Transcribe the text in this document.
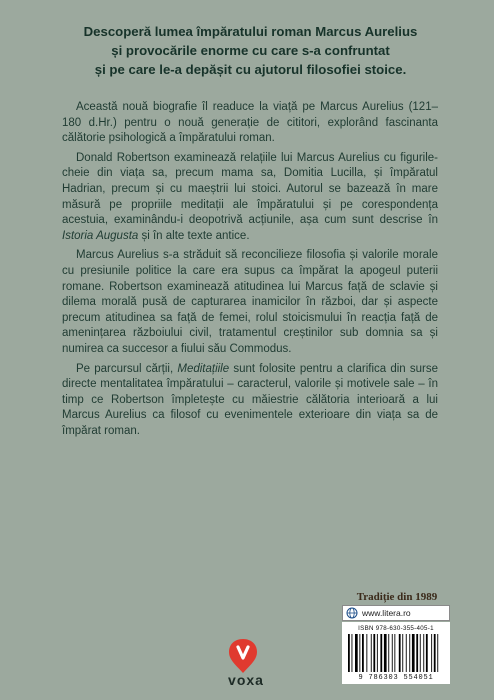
Descoperă lumea împăratului roman Marcus Aurelius
și provocările enorme cu care s-a confruntat
și pe care le-a depășit cu ajutorul filosofiei stoice.

Această nouă biografie îl readuce la viață pe Marcus Aurelius (121–180 d.Hr.) pentru o nouă generație de cititori, explorând fascinanta călătorie psihologică a împăratului roman.

Donald Robertson examinează relațiile lui Marcus Aurelius cu figurile-cheie din viața sa, precum mama sa, Domitia Lucilla, și împăratul Hadrian, precum și cu maeștrii lui stoici. Autorul se bazează în mare măsură pe propriile meditații ale împăratului și pe corespondența acestuia, examinându-i deopotrivă acțiunile, așa cum sunt descrise în Istoria Augusta și în alte texte antice.

Marcus Aurelius s-a străduit să reconcilieze filosofia și valorile morale cu presiunile politice la care era supus ca împărat la apogeul puterii romane. Robertson examinează atitudinea lui Marcus față de sclavie și dilema morală pusă de capturarea inamicilor în război, dar și aspecte precum atitudinea sa față de femei, rolul stoicismului în reacția față de amenințarea războiului civil, tratamentul creștinilor sub domnia sa și numirea ca succesor a fiului său Commodus.

Pe parcursul cărții, Meditațiile sunt folosite pentru a clarifica din surse directe mentalitatea împăratului – caracterul, valorile și motivele sale – în timp ce Robertson împletește cu măiestrie călătoria interioară a lui Marcus Aurelius ca filosof cu evenimentele exterioare din viața sa de împărat roman.

voxa
Tradiție din 1989
www.litera.ro
ISBN 978-630-355-405-1
9 786303 554051
